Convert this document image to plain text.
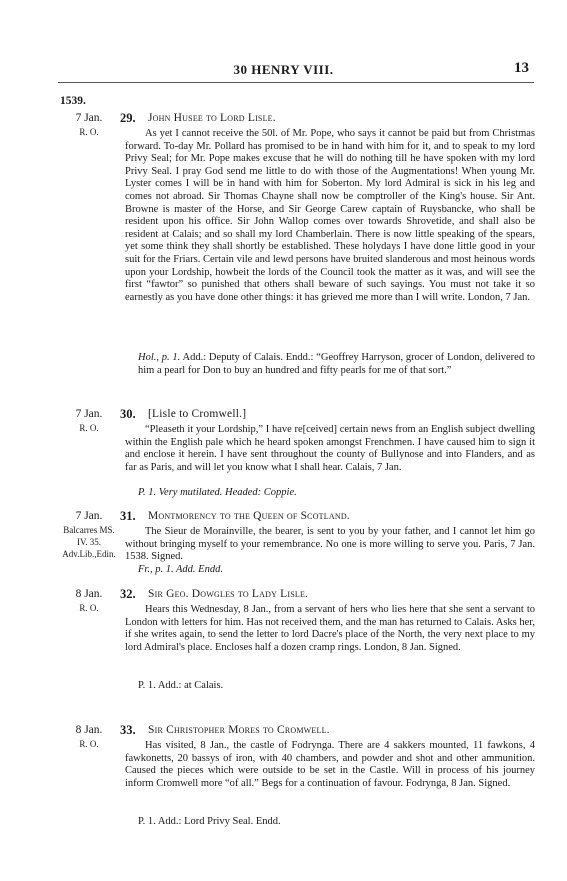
30 HENRY VIII.	13
1539.
7 Jan.
R. O.
29. John Husee to Lord Lisle.
As yet I cannot receive the 50l. of Mr. Pope, who says it cannot be paid but from Christmas forward. To-day Mr. Pollard has promised to be in hand with him for it, and to speak to my lord Privy Seal; for Mr. Pope makes excuse that he will do nothing till he have spoken with my lord Privy Seal. I pray God send me little to do with those of the Augmentations! When young Mr. Lyster comes I will be in hand with him for Soberton. My lord Admiral is sick in his leg and comes not abroad. Sir Thomas Chayne shall now be comptroller of the King's house. Sir Ant. Browne is master of the Horse, and Sir George Carew captain of Ruysbancke, who shall be resident upon his office. Sir John Wallop comes over towards Shrovetide, and shall also be resident at Calais; and so shall my lord Chamberlain. There is now little speaking of the spears, yet some think they shall shortly be established. These holydays I have done little good in your suit for the Friars. Certain vile and lewd persons have bruited slanderous and most heinous words upon your Lordship, howbeit the lords of the Council took the matter as it was, and will see the first “fawtor” so punished that others shall beware of such sayings. You must not take it so earnestly as you have done other things: it has grieved me more than I will write. London, 7 Jan.
Hol., p. 1. Add.: Deputy of Calais. Endd.: “Geoffrey Harryson, grocer of London, delivered to him a pearl for Don to buy an hundred and fifty pearls for me of that sort.”
7 Jan.
R. O.
30. [Lisle to Cromwell.]
“Pleaseth it your Lordship,” I have re[ceived] certain news from an English subject dwelling within the English pale which he heard spoken amongst Frenchmen. I have caused him to sign it and enclose it herein. I have sent throughout the county of Bullynose and into Flanders, and as far as Paris, and will let you know what I shall hear. Calais, 7 Jan.
P. 1. Very mutilated. Headed: Coppie.
7 Jan.
Balcarres MS.
IV. 35.
Adv.Lib.,Edin.
31. Montmorency to the Queen of Scotland.
The Sieur de Morainville, the bearer, is sent to you by your father, and I cannot let him go without bringing myself to your remembrance. No one is more willing to serve you. Paris, 7 Jan. 1538. Signed.
Fr., p. 1. Add. Endd.
8 Jan.
R. O.
32. Sir Geo. Dowgles to Lady Lisle.
Hears this Wednesday, 8 Jan., from a servant of hers who lies here that she sent a servant to London with letters for him. Has not received them, and the man has returned to Calais. Asks her, if she writes again, to send the letter to lord Dacre's place of the North, the very next place to my lord Admiral's place. Encloses half a dozen cramp rings. London, 8 Jan. Signed.
P. 1. Add.: at Calais.
8 Jan.
R. O.
33. Sir Christopher Mores to Cromwell.
Has visited, 8 Jan., the castle of Fodrynga. There are 4 sakkers mounted, 11 fawkons, 4 fawkonetts, 20 bassys of iron, with 40 chambers, and powder and shot and other ammunition. Caused the pieces which were outside to be set in the Castle. Will in process of his journey inform Cromwell more “of all.” Begs for a continuation of favour. Fodrynga, 8 Jan. Signed.
P. 1. Add.: Lord Privy Seal. Endd.
